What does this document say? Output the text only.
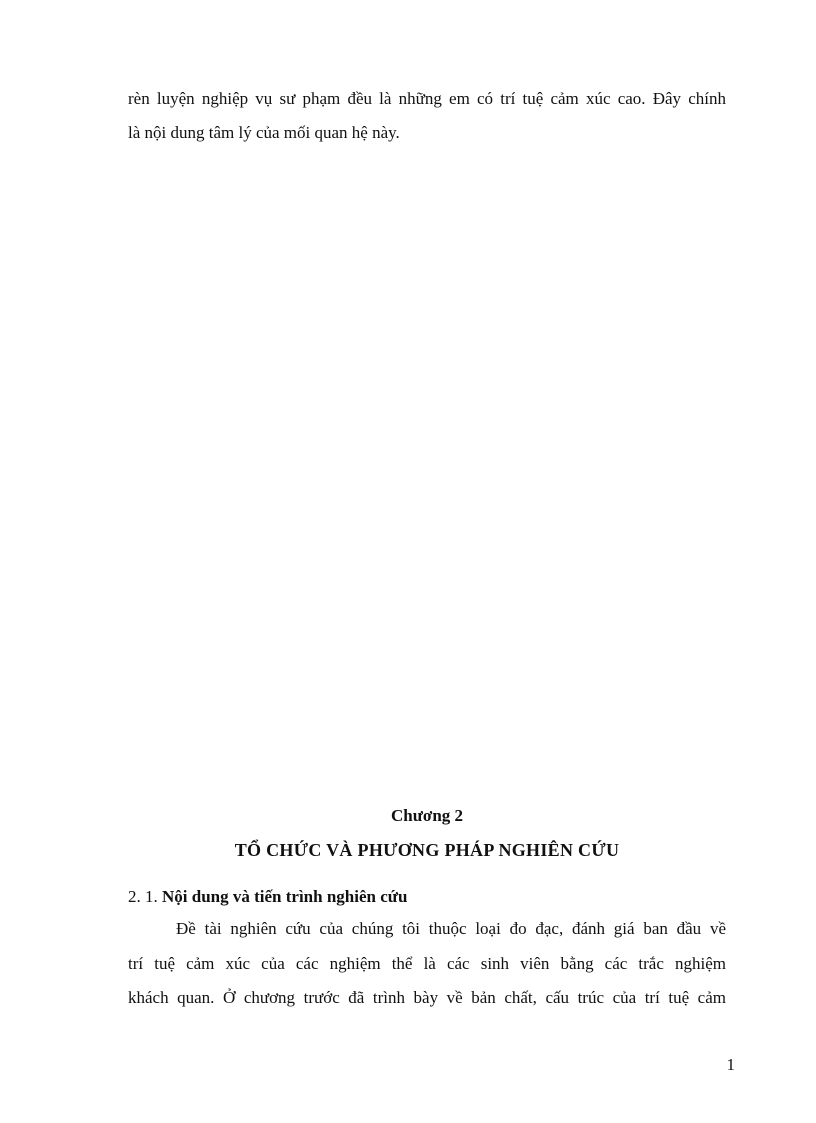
rèn luyện nghiệp vụ sư phạm đều là những em có trí tuệ cảm xúc cao. Đây chính
là nội dung tâm lý của mối quan hệ này.
Chương 2
TỔ CHỨC VÀ PHƯƠNG PHÁP NGHIÊN CỨU
2. 1. Nội dung và tiến trình nghiên cứu
Đề tài nghiên cứu của chúng tôi thuộc loại đo đạc, đánh giá ban đầu về
trí tuệ cảm xúc của các nghiệm thể là các sinh viên bằng các trắc nghiệm
khách quan. Ở chương trước đã trình bày về bản chất, cấu trúc của trí tuệ cảm
1
